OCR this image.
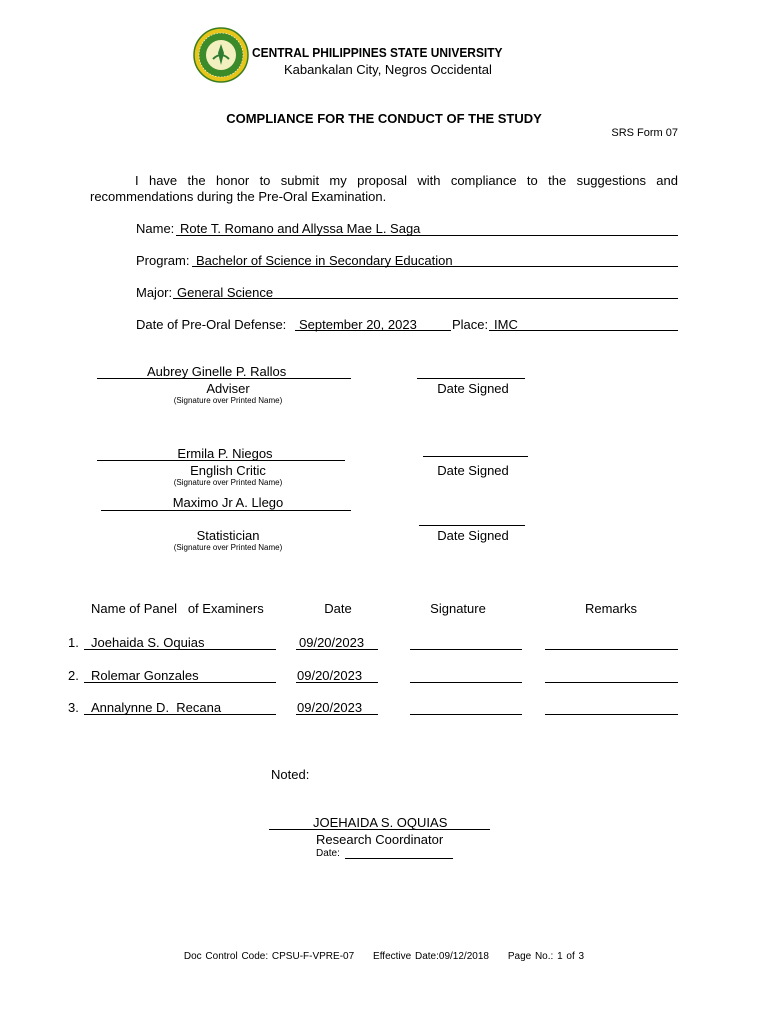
CENTRAL PHILIPPINES STATE UNIVERSITY
Kabankalan City, Negros Occidental
COMPLIANCE FOR THE CONDUCT OF THE STUDY
SRS Form 07
I have the honor to submit my proposal with compliance to the suggestions and recommendations during the Pre-Oral Examination.
Name: Rote T. Romano and Allyssa Mae L. Saga
Program: Bachelor of Science in Secondary Education
Major: General Science
Date of Pre-Oral Defense: September 20, 2023	Place: IMC
Aubrey Ginelle P. Rallos
Adviser
(Signature over Printed Name)
Date Signed
Ermila P. Niegos
English Critic
(Signature over Printed Name)
Date Signed
Maximo Jr A. Llego
Statistician
(Signature over Printed Name)
Date Signed
Name of Panel   of Examiners	Date	Signature	Remarks
1. Joehaida S. Oquias	09/20/2023
2. Rolemar Gonzales	09/20/2023
3. Annalynne D.  Recana	09/20/2023
Noted:
JOEHAIDA S. OQUIAS
Research Coordinator
Date:
Doc Control Code: CPSU-F-VPRE-07     Effective Date:09/12/2018     Page No.: 1 of 3
